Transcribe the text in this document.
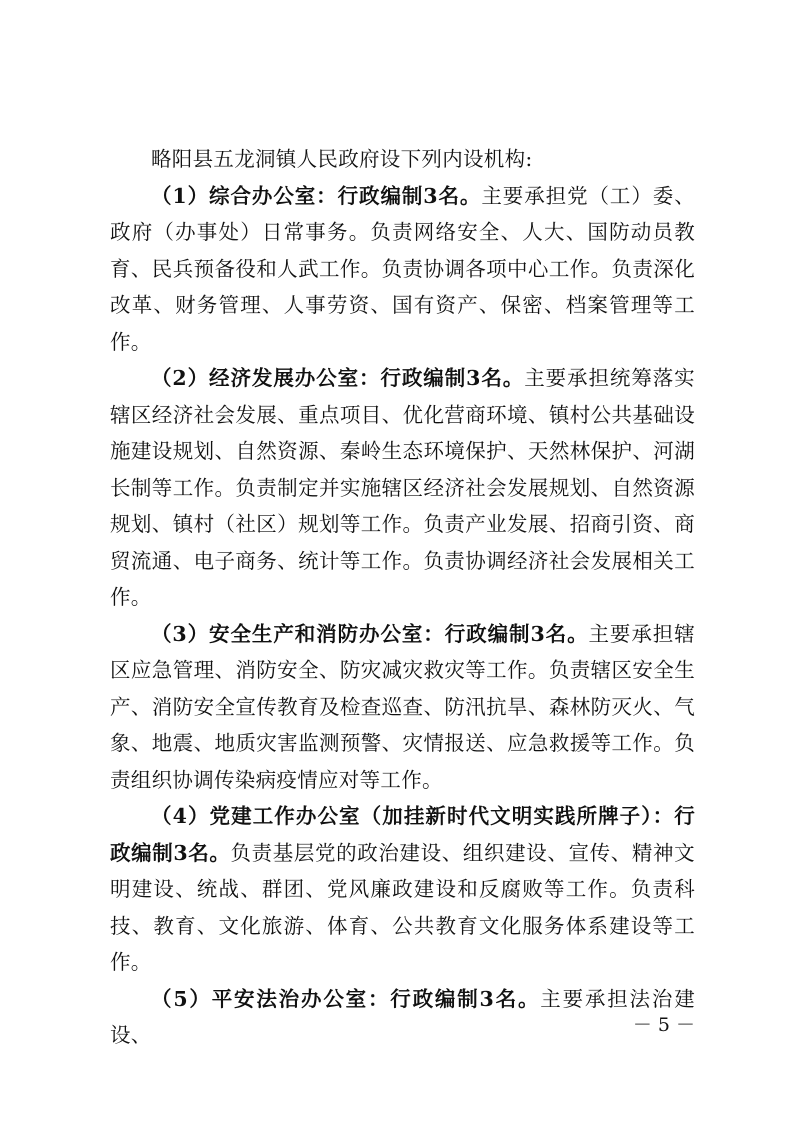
略阳县五龙洞镇人民政府设下列内设机构:

（1）综合办公室：行政编制3名。主要承担党（工）委、政府（办事处）日常事务。负责网络安全、人大、国防动员教育、民兵预备役和人武工作。负责协调各项中心工作。负责深化改革、财务管理、人事劳资、国有资产、保密、档案管理等工作。

（2）经济发展办公室：行政编制3名。主要承担统筹落实辖区经济社会发展、重点项目、优化营商环境、镇村公共基础设施建设规划、自然资源、秦岭生态环境保护、天然林保护、河湖长制等工作。负责制定并实施辖区经济社会发展规划、自然资源规划、镇村（社区）规划等工作。负责产业发展、招商引资、商贸流通、电子商务、统计等工作。负责协调经济社会发展相关工作。

（3）安全生产和消防办公室：行政编制3名。主要承担辖区应急管理、消防安全、防灾减灾救灾等工作。负责辖区安全生产、消防安全宣传教育及检查巡查、防汛抗旱、森林防灭火、气象、地震、地质灾害监测预警、灾情报送、应急救援等工作。负责组织协调传染病疫情应对等工作。

（4）党建工作办公室（加挂新时代文明实践所牌子）：行政编制3名。负责基层党的政治建设、组织建设、宣传、精神文明建设、统战、群团、党风廉政建设和反腐败等工作。负责科技、教育、文化旅游、体育、公共教育文化服务体系建设等工作。

（5）平安法治办公室：行政编制3名。主要承担法治建设、	－ 5 －
